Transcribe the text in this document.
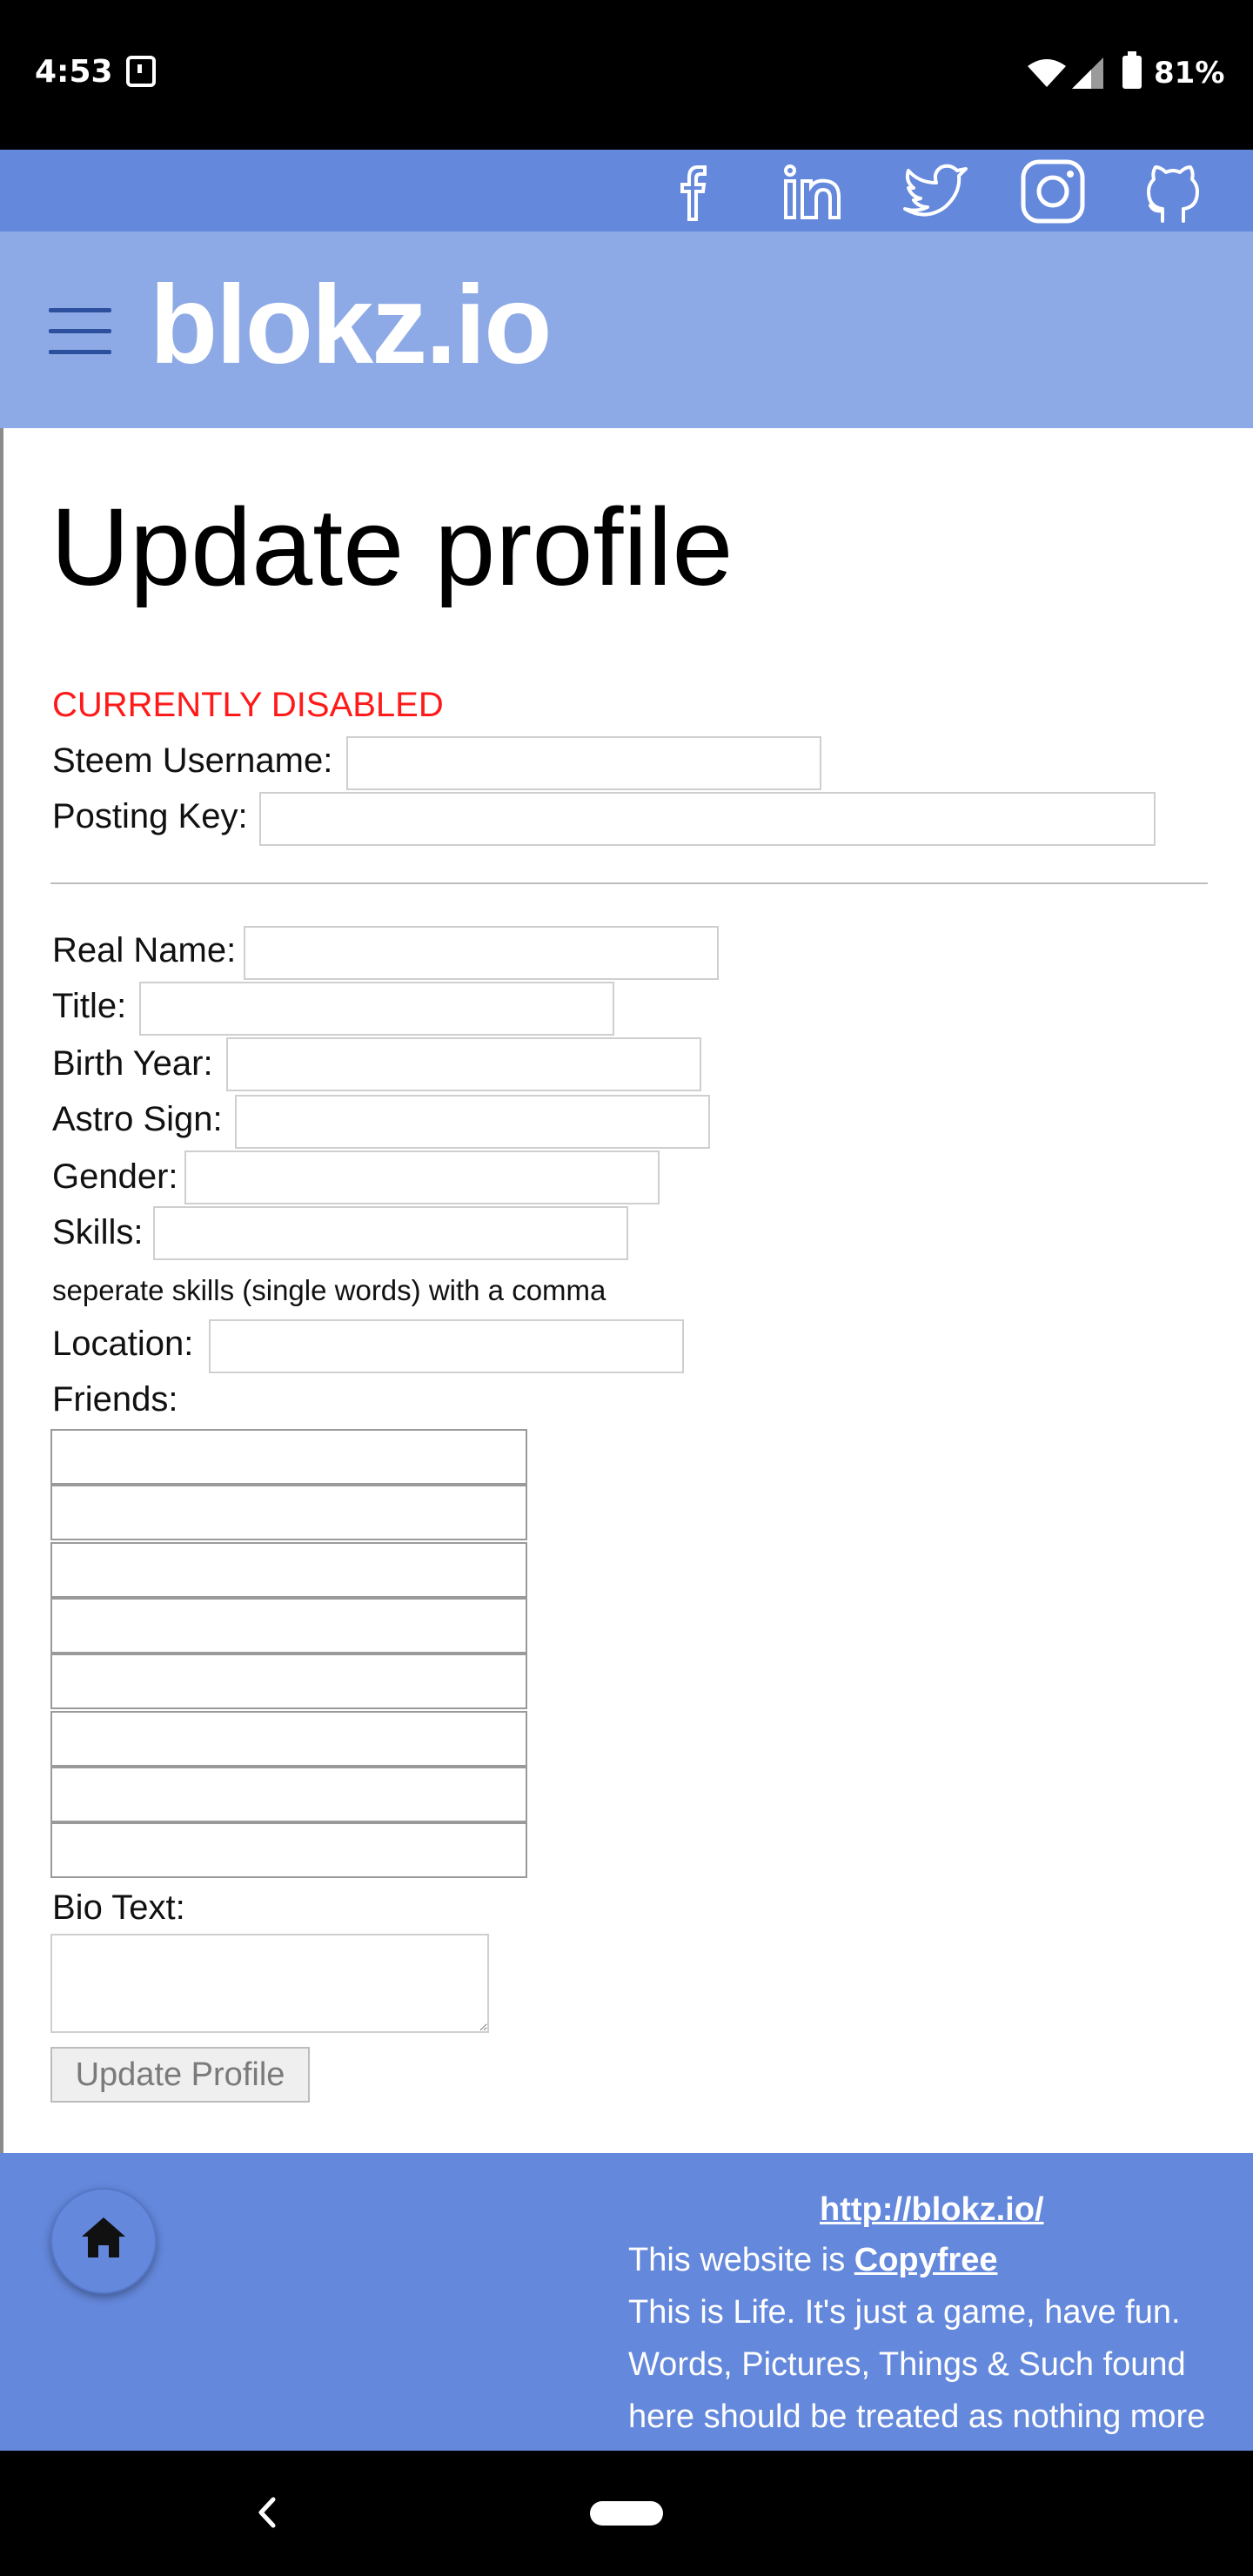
4:53	81%
blokz.io
Update profile
CURRENTLY DISABLED
Steem Username:
Posting Key:
Real Name:
Title:
Birth Year:
Astro Sign:
Gender:
Skills:
seperate skills (single words) with a comma
Location:
Friends:
Bio Text:
Update Profile
http://blokz.io/
This website is Copyfree
This is Life. It's just a game, have fun.
Words, Pictures, Things & Such found
here should be treated as nothing more
